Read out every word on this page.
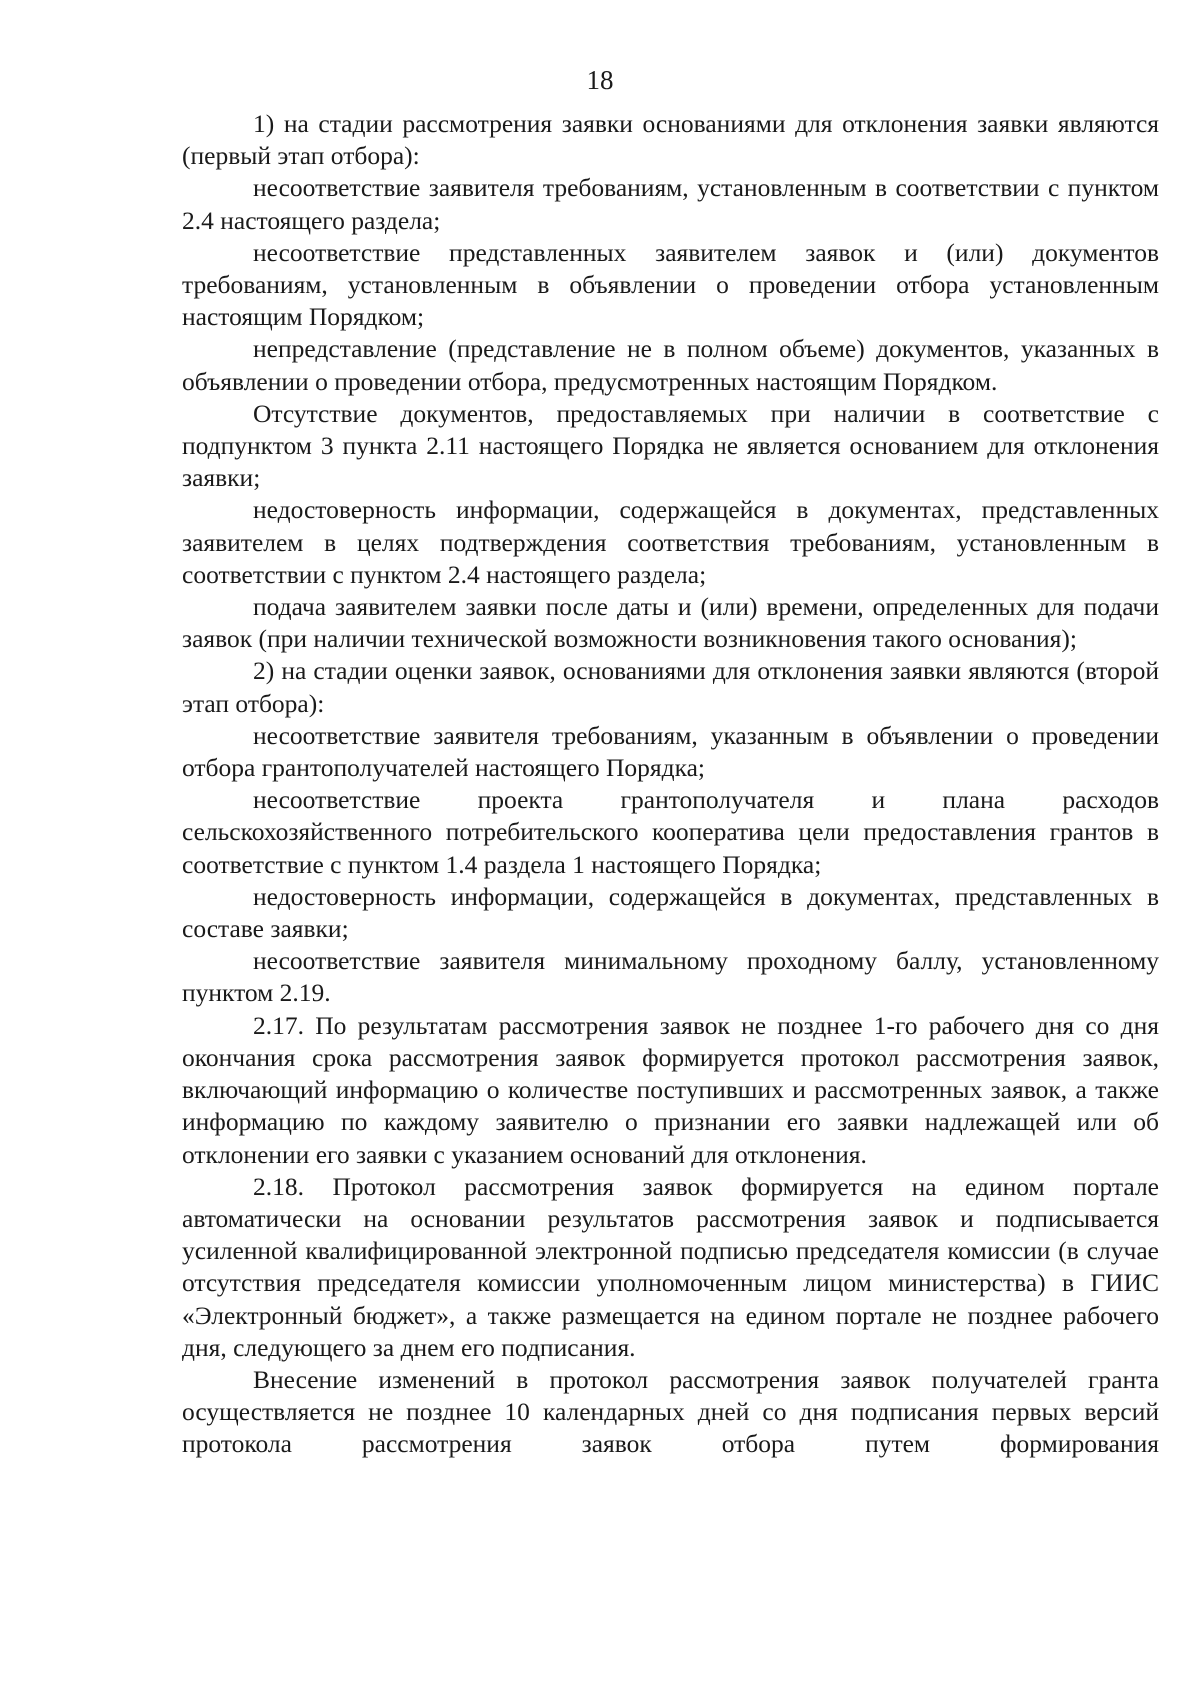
18

1) на стадии рассмотрения заявки основаниями для отклонения заявки являются (первый этап отбора):

несоответствие заявителя требованиям, установленным в соответствии с пунктом 2.4 настоящего раздела;

несоответствие представленных заявителем заявок и (или) документов требованиям, установленным в объявлении о проведении отбора установленным настоящим Порядком;

непредставление (представление не в полном объеме) документов, указанных в объявлении о проведении отбора, предусмотренных настоящим Порядком.

Отсутствие документов, предоставляемых при наличии в соответствие с подпунктом 3 пункта 2.11 настоящего Порядка не является основанием для отклонения заявки;

недостоверность информации, содержащейся в документах, представленных заявителем в целях подтверждения соответствия требованиям, установленным в соответствии с пунктом 2.4 настоящего раздела;

подача заявителем заявки после даты и (или) времени, определенных для подачи заявок (при наличии технической возможности возникновения такого основания);

2) на стадии оценки заявок, основаниями для отклонения заявки являются (второй этап отбора):

несоответствие заявителя требованиям, указанным в объявлении о проведении отбора грантополучателей настоящего Порядка;

несоответствие проекта грантополучателя и плана расходов сельскохозяйственного потребительского кооператива цели предоставления грантов в соответствие с пунктом 1.4 раздела 1 настоящего Порядка;

недостоверность информации, содержащейся в документах, представленных в составе заявки;

несоответствие заявителя минимальному проходному баллу, установленному пунктом 2.19.

2.17. По результатам рассмотрения заявок не позднее 1-го рабочего дня со дня окончания срока рассмотрения заявок формируется протокол рассмотрения заявок, включающий информацию о количестве поступивших и рассмотренных заявок, а также информацию по каждому заявителю о признании его заявки надлежащей или об отклонении его заявки с указанием оснований для отклонения.

2.18. Протокол рассмотрения заявок формируется на едином портале автоматически на основании результатов рассмотрения заявок и подписывается усиленной квалифицированной электронной подписью председателя комиссии (в случае отсутствия председателя комиссии уполномоченным лицом министерства) в ГИИС «Электронный бюджет», а также размещается на едином портале не позднее рабочего дня, следующего за днем его подписания.

Внесение изменений в протокол рассмотрения заявок получателей гранта осуществляется не позднее 10 календарных дней со дня подписания первых версий протокола рассмотрения заявок отбора путем формирования
